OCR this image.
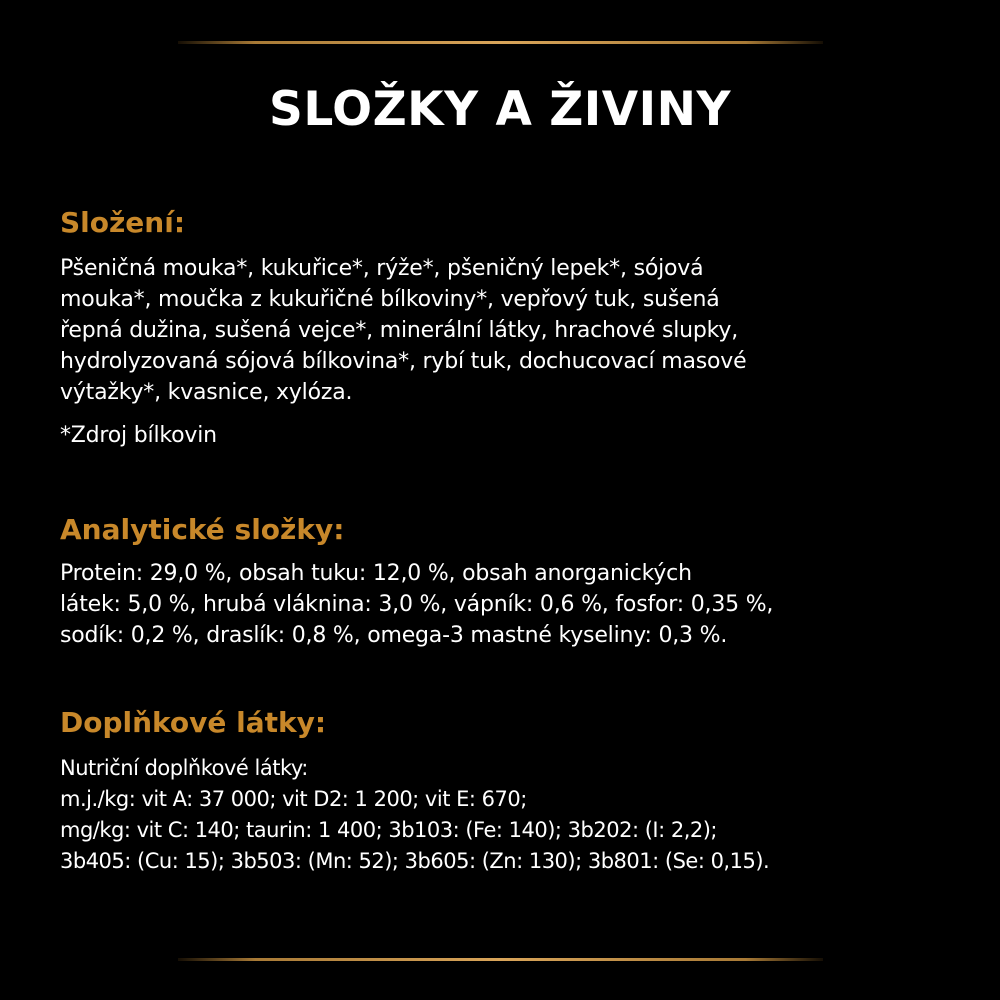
SLOŽKY A ŽIVINY
Složení:

Pšeničná mouka*, kukuřice*, rýže*, pšeničný lepek*, sójová
mouka*, moučka z kukuřičné bílkoviny*, vepřový tuk, sušená
řepná dužina, sušená vejce*, minerální látky, hrachové slupky,
hydrolyzovaná sójová bílkovina*, rybí tuk, dochucovací masové
výtažky*, kvasnice, xylóza.

*Zdroj bílkovin

Analytické složky:

Protein: 29,0 %, obsah tuku: 12,0 %, obsah anorganických
látek: 5,0 %, hrubá vláknina: 3,0 %, vápník: 0,6 %, fosfor: 0,35 %,
sodík: 0,2 %, draslík: 0,8 %, omega-3 mastné kyseliny: 0,3 %.

Doplňkové látky:

Nutriční doplňkové látky:
m.j./kg: vit A: 37 000; vit D2: 1 200; vit E: 670;
mg/kg: vit C: 140; taurin: 1 400; 3b103: (Fe: 140); 3b202: (I: 2,2);
3b405: (Cu: 15); 3b503: (Mn: 52); 3b605: (Zn: 130); 3b801: (Se: 0,15).
